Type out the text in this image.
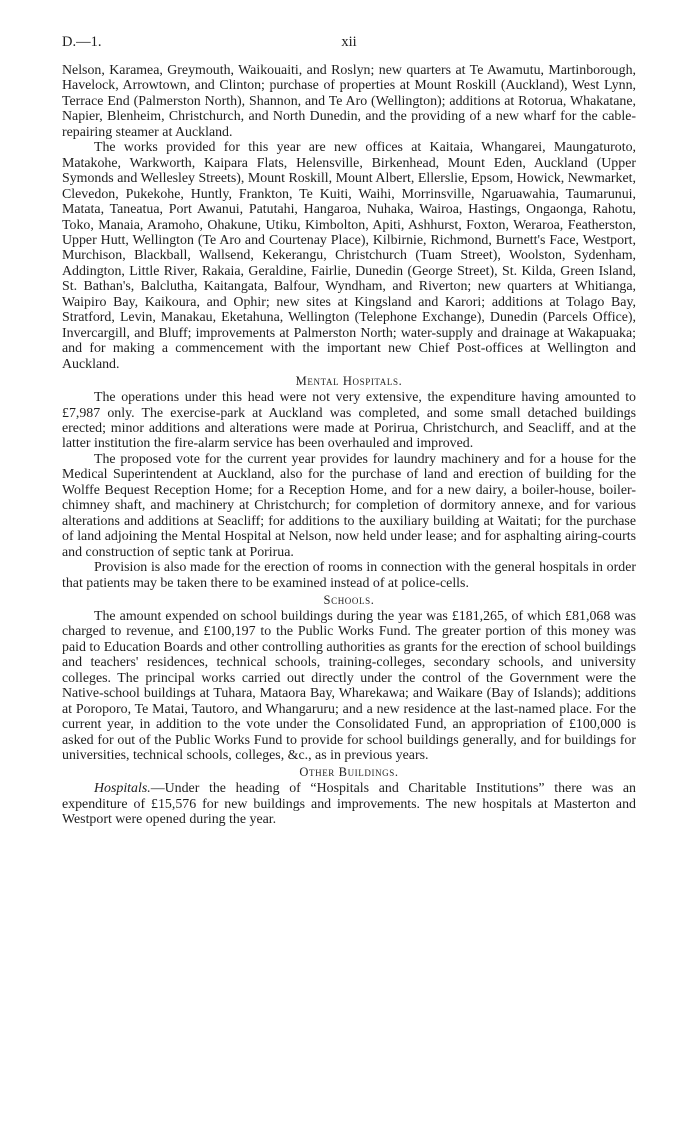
D.—1.	xii

Nelson, Karamea, Greymouth, Waikouaiti, and Roslyn; new quarters at Te Awamutu, Martinborough, Havelock, Arrowtown, and Clinton; purchase of properties at Mount Roskill (Auckland), West Lynn, Terrace End (Palmerston North), Shannon, and Te Aro (Wellington); additions at Rotorua, Whakatane, Napier, Blenheim, Christchurch, and North Dunedin, and the providing of a new wharf for the cable-repairing steamer at Auckland.

The works provided for this year are new offices at Kaitaia, Whangarei, Maungaturoto, Matakohe, Warkworth, Kaipara Flats, Helensville, Birkenhead, Mount Eden, Auckland (Upper Symonds and Wellesley Streets), Mount Roskill, Mount Albert, Ellerslie, Epsom, Howick, Newmarket, Clevedon, Pukekohe, Huntly, Frankton, Te Kuiti, Waihi, Morrinsville, Ngaruawahia, Taumarunui, Matata, Taneatua, Port Awanui, Patutahi, Hangaroa, Nuhaka, Wairoa, Hastings, Ongaonga, Rahotu, Toko, Manaia, Aramoho, Ohakune, Utiku, Kimbolton, Apiti, Ashhurst, Foxton, Weraroa, Featherston, Upper Hutt, Wellington (Te Aro and Courtenay Place), Kilbirnie, Richmond, Burnett's Face, Westport, Murchison, Blackball, Wallsend, Kekerangu, Christchurch (Tuam Street), Woolston, Sydenham, Addington, Little River, Rakaia, Geraldine, Fairlie, Dunedin (George Street), St. Kilda, Green Island, St. Bathan's, Balclutha, Kaitangata, Balfour, Wyndham, and Riverton; new quarters at Whitianga, Waipiro Bay, Kaikoura, and Ophir; new sites at Kingsland and Karori; additions at Tolago Bay, Stratford, Levin, Manakau, Eketahuna, Wellington (Telephone Exchange), Dunedin (Parcels Office), Invercargill, and Bluff; improvements at Palmerston North; water-supply and drainage at Wakapuaka; and for making a commencement with the important new Chief Post-offices at Wellington and Auckland.

Mental Hospitals.

The operations under this head were not very extensive, the expenditure having amounted to £7,987 only. The exercise-park at Auckland was completed, and some small detached buildings erected; minor additions and alterations were made at Porirua, Christchurch, and Seacliff, and at the latter institution the fire-alarm service has been overhauled and improved.

The proposed vote for the current year provides for laundry machinery and for a house for the Medical Superintendent at Auckland, also for the purchase of land and erection of building for the Wolffe Bequest Reception Home; for a Reception Home, and for a new dairy, a boiler-house, boiler-chimney shaft, and machinery at Christchurch; for completion of dormitory annexe, and for various alterations and additions at Seacliff; for additions to the auxiliary building at Waitati; for the purchase of land adjoining the Mental Hospital at Nelson, now held under lease; and for asphalting airing-courts and construction of septic tank at Porirua.

Provision is also made for the erection of rooms in connection with the general hospitals in order that patients may be taken there to be examined instead of at police-cells.

Schools.

The amount expended on school buildings during the year was £181,265, of which £81,068 was charged to revenue, and £100,197 to the Public Works Fund. The greater portion of this money was paid to Education Boards and other controlling authorities as grants for the erection of school buildings and teachers' residences, technical schools, training-colleges, secondary schools, and university colleges. The principal works carried out directly under the control of the Government were the Native-school buildings at Tuhara, Mataora Bay, Wharekawa; and Waikare (Bay of Islands); additions at Poroporo, Te Matai, Tautoro, and Whangaruru; and a new residence at the last-named place. For the current year, in addition to the vote under the Consolidated Fund, an appropriation of £100,000 is asked for out of the Public Works Fund to provide for school buildings generally, and for buildings for universities, technical schools, colleges, &c., as in previous years.

Other Buildings.

Hospitals.—Under the heading of “Hospitals and Charitable Institutions” there was an expenditure of £15,576 for new buildings and improvements. The new hospitals at Masterton and Westport were opened during the year.
